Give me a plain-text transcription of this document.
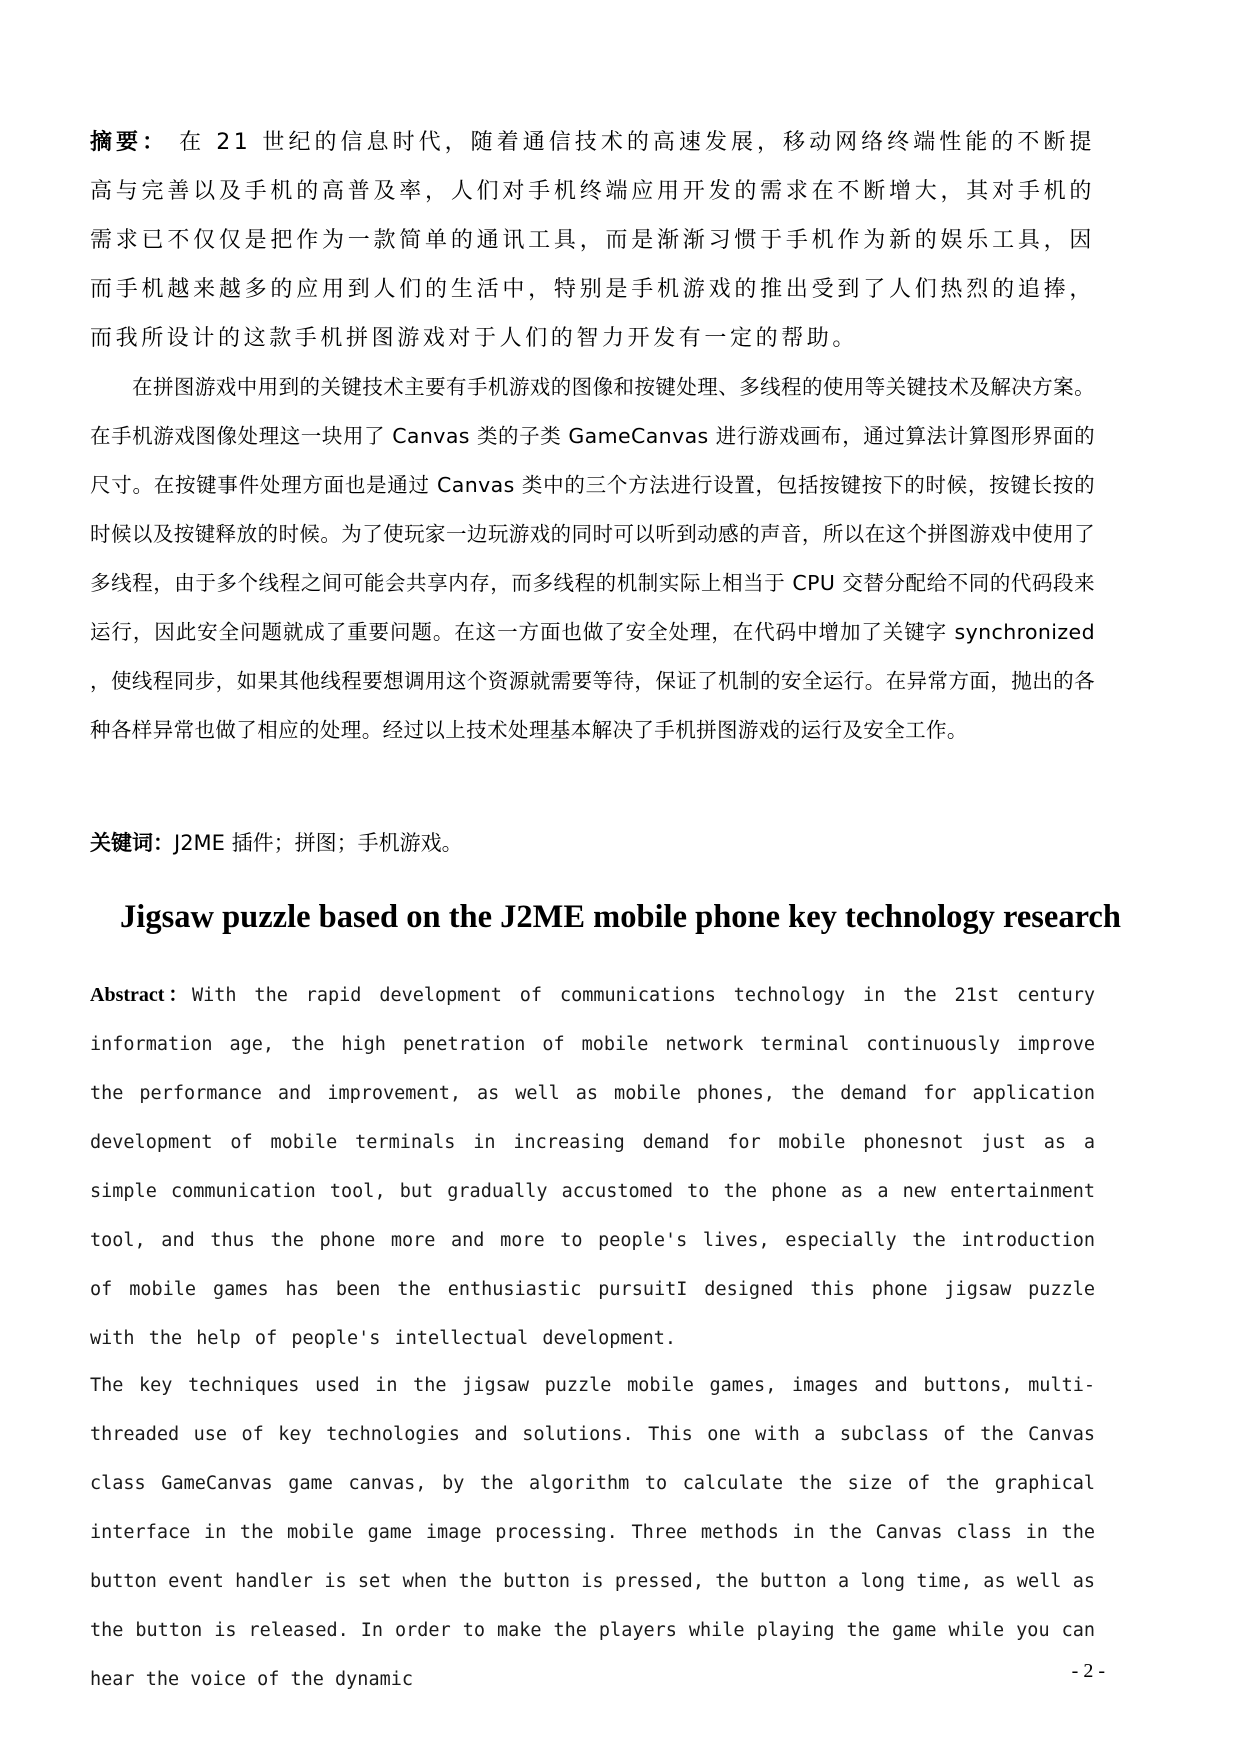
摘要： 在 21 世纪的信息时代，随着通信技术的高速发展，移动网络终端性能的不断提高与完善以及手机的高普及率，人们对手机终端应用开发的需求在不断增大，其对手机的需求已不仅仅是把作为一款简单的通讯工具，而是渐渐习惯于手机作为新的娱乐工具，因而手机越来越多的应用到人们的生活中，特别是手机游戏的推出受到了人们热烈的追捧，而我所设计的这款手机拼图游戏对于人们的智力开发有一定的帮助。

在拼图游戏中用到的关键技术主要有手机游戏的图像和按键处理、多线程的使用等关键技术及解决方案。在手机游戏图像处理这一块用了 Canvas 类的子类 GameCanvas 进行游戏画布，通过算法计算图形界面的尺寸。在按键事件处理方面也是通过 Canvas 类中的三个方法进行设置，包括按键按下的时候，按键长按的时候以及按键释放的时候。为了使玩家一边玩游戏的同时可以听到动感的声音，所以在这个拼图游戏中使用了多线程，由于多个线程之间可能会共享内存，而多线程的机制实际上相当于 CPU 交替分配给不同的代码段来运行，因此安全问题就成了重要问题。在这一方面也做了安全处理，在代码中增加了关键字 synchronized ，使线程同步，如果其他线程要想调用这个资源就需要等待，保证了机制的安全运行。在异常方面，抛出的各种各样异常也做了相应的处理。经过以上技术处理基本解决了手机拼图游戏的运行及安全工作。

关键词：J2ME 插件；拼图；手机游戏。

Jigsaw puzzle based on the J2ME mobile phone key technology research

Abstract：With the rapid development of communications technology in the 21st century information age, the high penetration of mobile network terminal continuously improve the performance and improvement, as well as mobile phones, the demand for application development of mobile terminals in increasing demand for mobile phonesnot just as a simple communication tool, but gradually accustomed to the phone as a new entertainment tool, and thus the phone more and more to people's lives, especially the introduction of mobile games has been the enthusiastic pursuitI designed this phone jigsaw puzzle with the help of people's intellectual development.

The key techniques used in the jigsaw puzzle mobile games, images and buttons, multi-threaded use of key technologies and solutions. This one with a subclass of the Canvas class GameCanvas game canvas, by the algorithm to calculate the size of the graphical interface in the mobile game image processing. Three methods in the Canvas class in the button event handler is set when the button is pressed, the button a long time, as well as the button is released. In order to make the players while playing the game while you can hear the voice of the dynamic	- 2 -
